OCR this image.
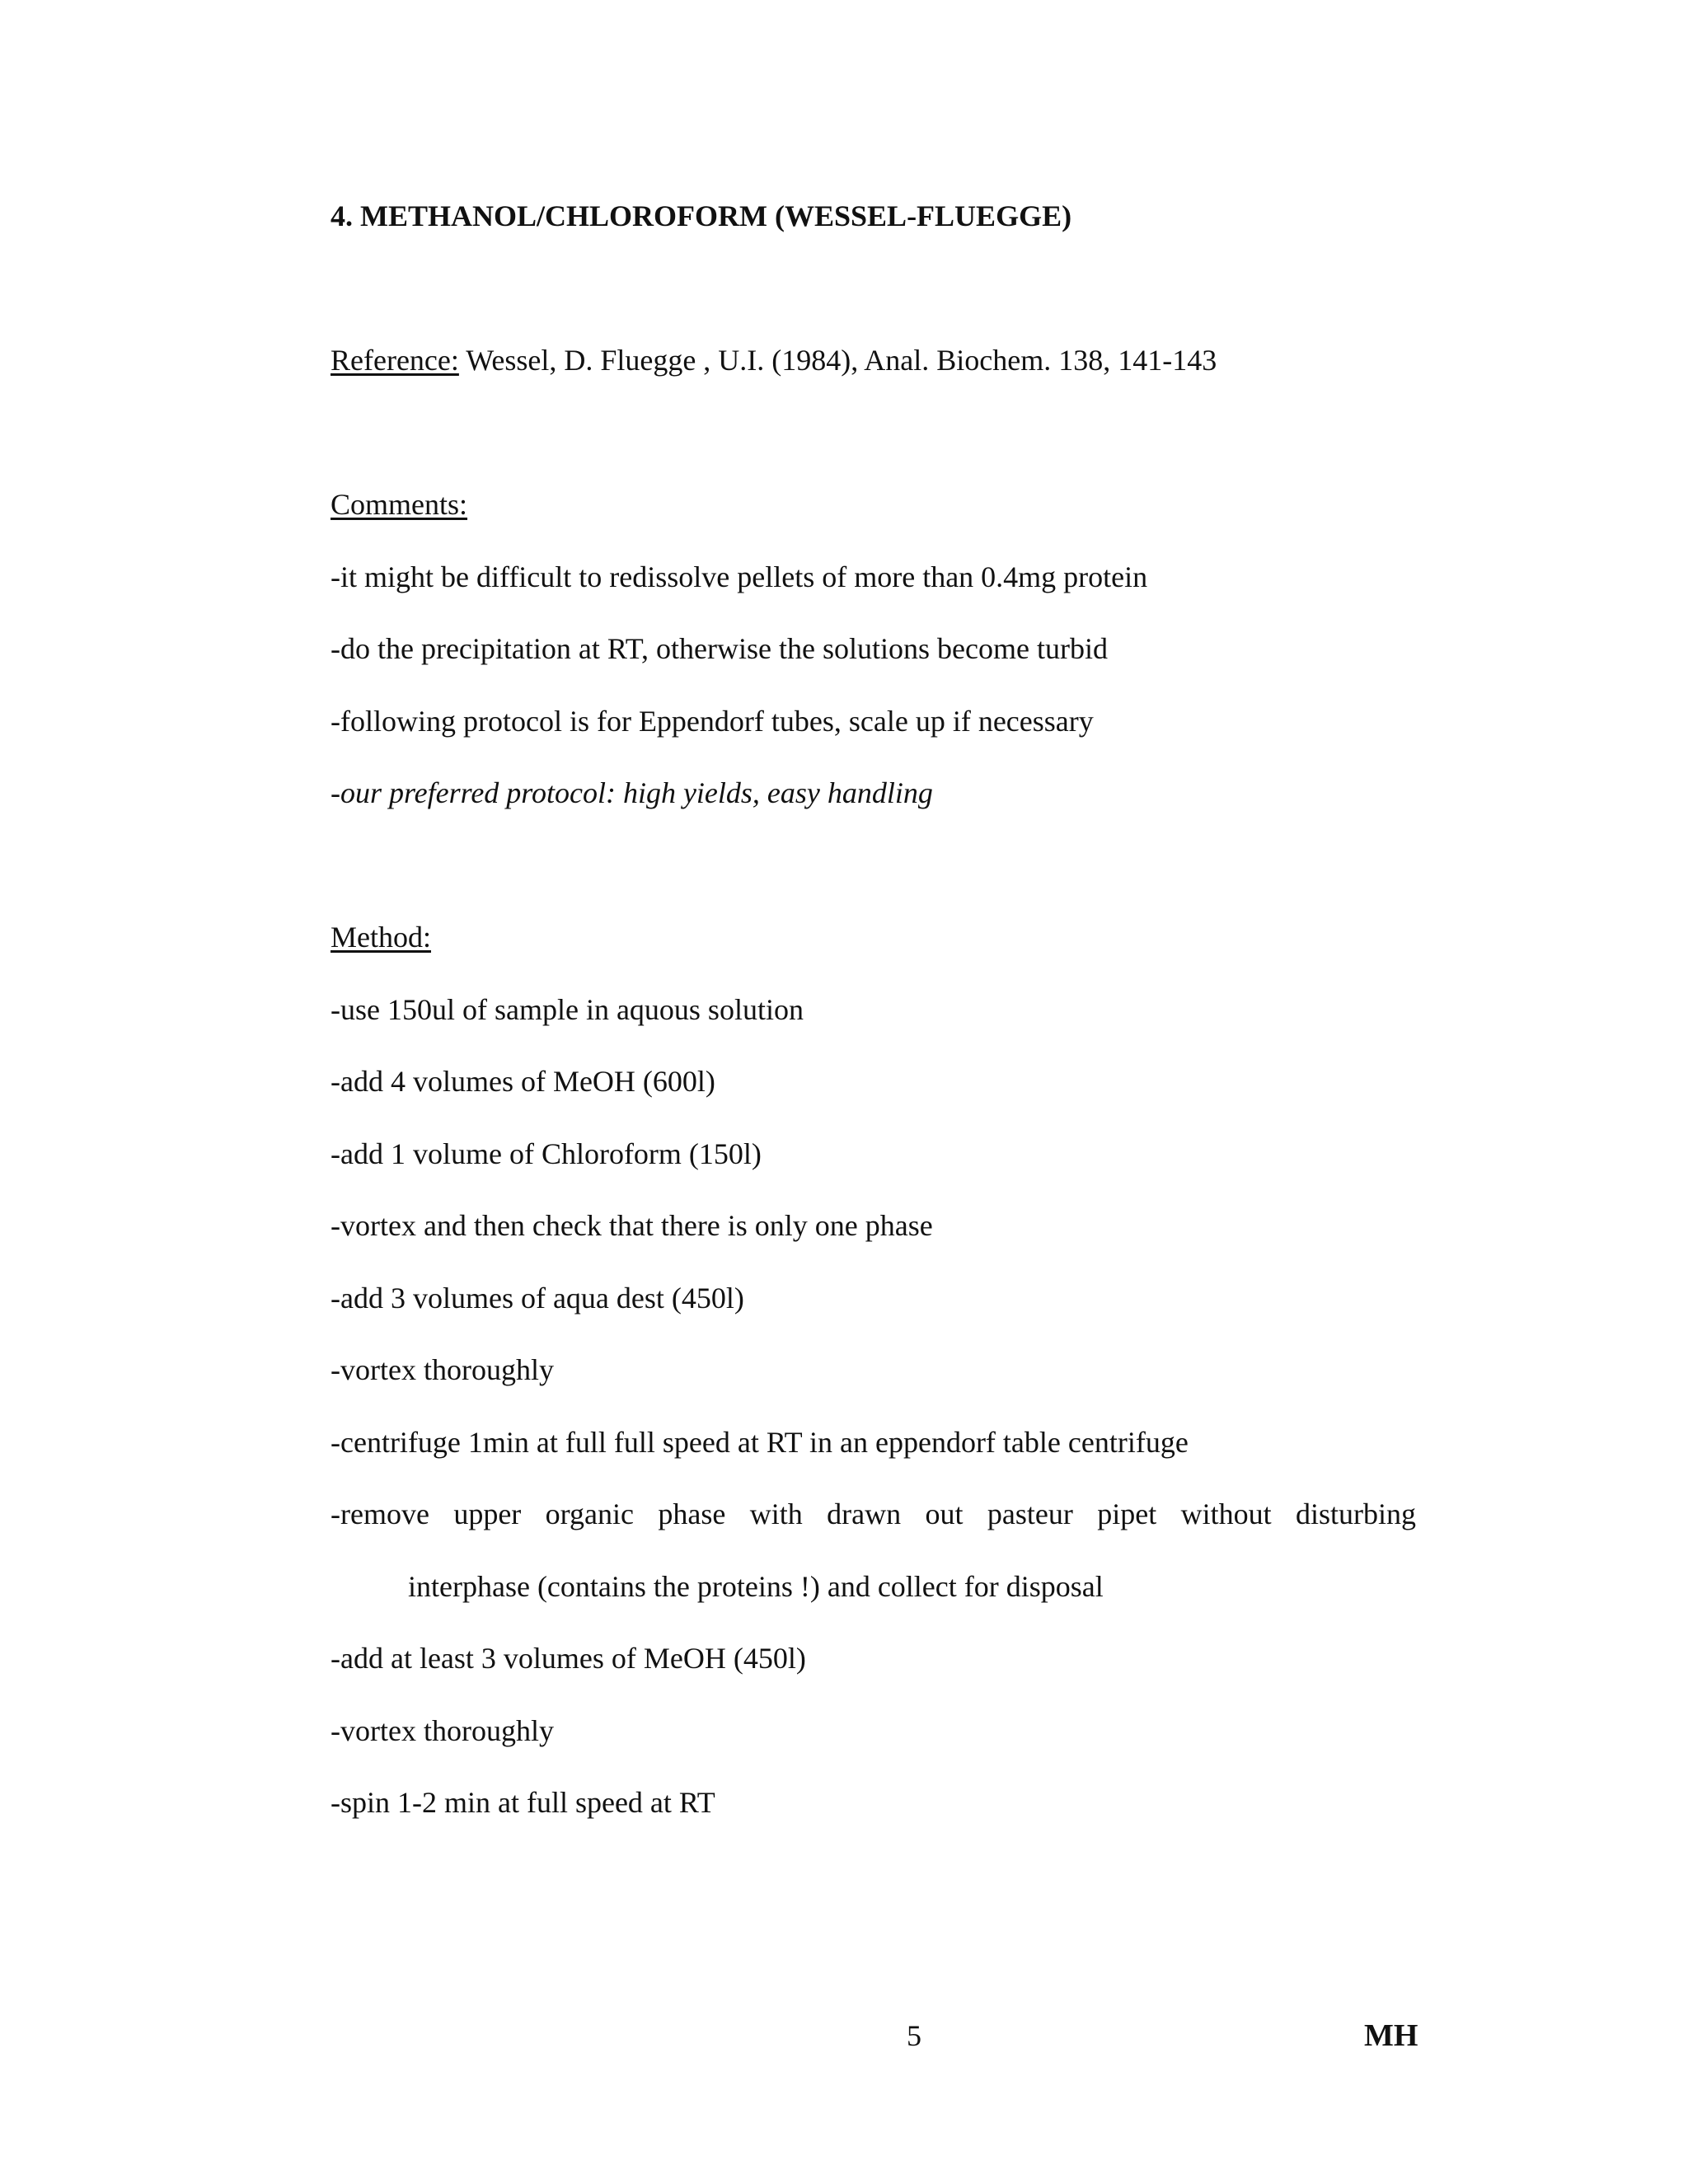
4. METHANOL/CHLOROFORM (WESSEL-FLUEGGE)
Reference: Wessel, D. Fluegge , U.I. (1984), Anal. Biochem. 138, 141-143
Comments:
-it might be difficult to redissolve pellets of more than 0.4mg protein
-do the precipitation at RT, otherwise the solutions become turbid
-following protocol is for Eppendorf tubes, scale up if necessary
-our preferred protocol: high yields, easy handling
Method:
-use 150ul of sample in aquous solution
-add 4 volumes of MeOH (600l)
-add 1 volume of Chloroform (150l)
-vortex and then check that there is only one phase
-add 3 volumes of aqua dest (450l)
-vortex thoroughly
-centrifuge 1min at full full speed at RT in an eppendorf table centrifuge
-remove upper organic phase with drawn out pasteur pipet without disturbing
interphase (contains the proteins !) and collect for disposal
-add at least 3 volumes of MeOH (450l)
-vortex thoroughly
-spin 1-2 min at full speed at RT
5	MH
